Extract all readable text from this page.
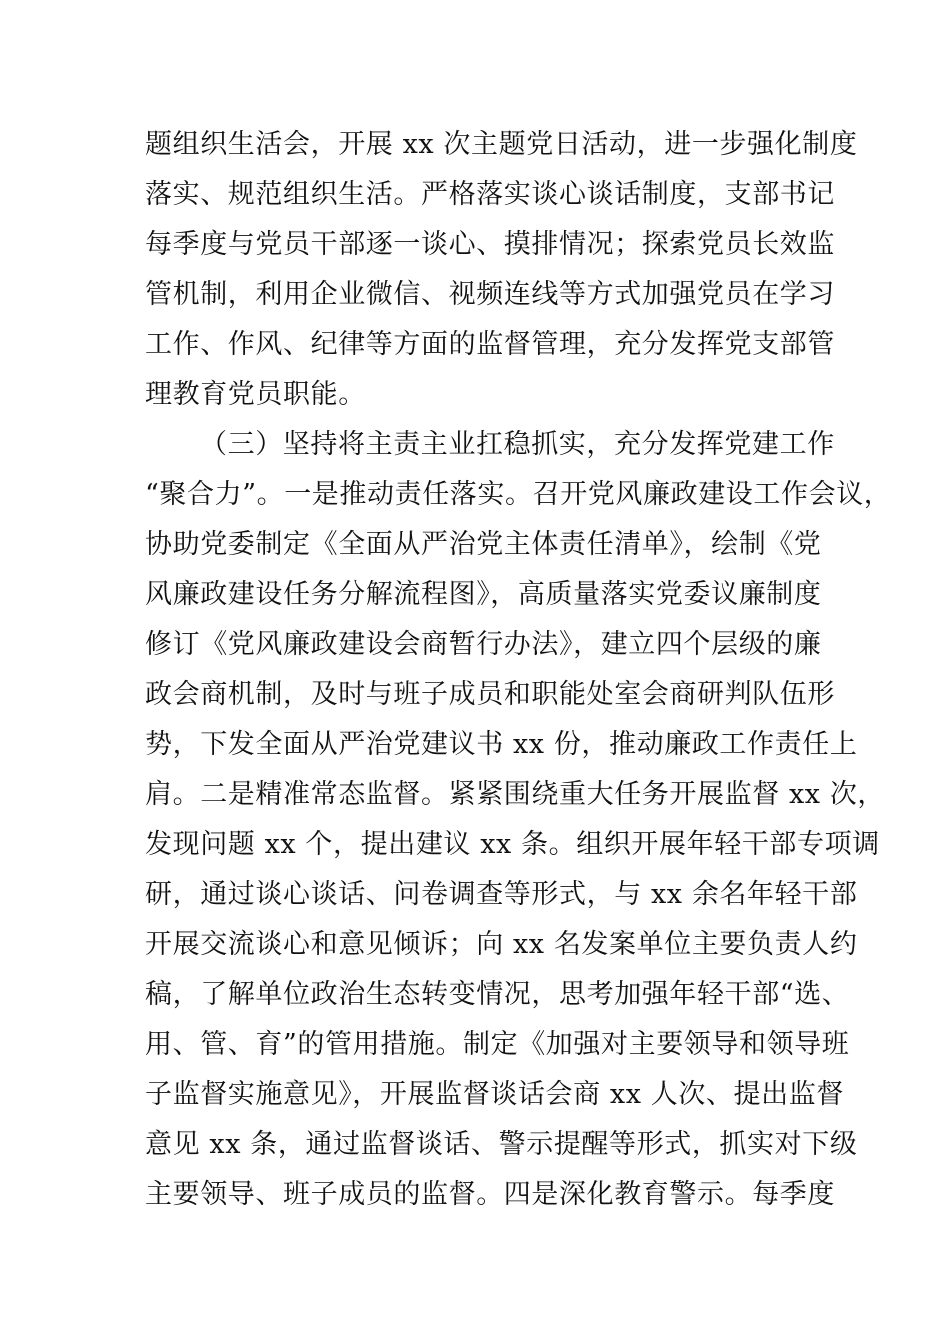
题组织生活会，开展 xx 次主题党日活动，进一步强化制度
落实、规范组织生活。严格落实谈心谈话制度，支部书记
每季度与党员干部逐一谈心、摸排情况；探索党员长效监
管机制，利用企业微信、视频连线等方式加强党员在学习
工作、作风、纪律等方面的监督管理，充分发挥党支部管
理教育党员职能。
（三）坚持将主责主业扛稳抓实，充分发挥党建工作
“聚合力”。一是推动责任落实。召开党风廉政建设工作会议，
协助党委制定《全面从严治党主体责任清单》，绘制《党
风廉政建设任务分解流程图》，高质量落实党委议廉制度
修订《党风廉政建设会商暂行办法》，建立四个层级的廉
政会商机制，及时与班子成员和职能处室会商研判队伍形
势，下发全面从严治党建议书 xx 份，推动廉政工作责任上
肩。二是精准常态监督。紧紧围绕重大任务开展监督 xx 次，
发现问题 xx 个，提出建议 xx 条。组织开展年轻干部专项调
研，通过谈心谈话、问卷调查等形式，与 xx 余名年轻干部
开展交流谈心和意见倾诉；向 xx 名发案单位主要负责人约
稿，了解单位政治生态转变情况，思考加强年轻干部“选、
用、管、育”的管用措施。制定《加强对主要领导和领导班
子监督实施意见》，开展监督谈话会商 xx 人次、提出监督
意见 xx 条，通过监督谈话、警示提醒等形式，抓实对下级
主要领导、班子成员的监督。四是深化教育警示。每季度
